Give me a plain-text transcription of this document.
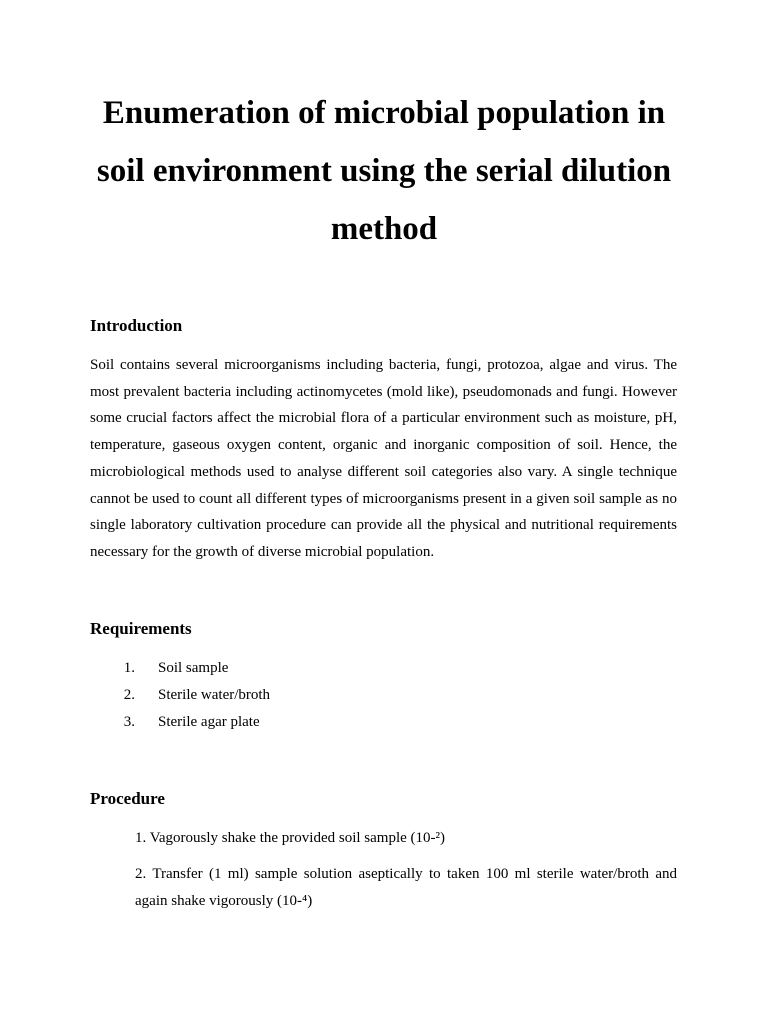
Enumeration of microbial population in soil environment using the serial dilution method
Introduction

Soil contains several microorganisms including bacteria, fungi, protozoa, algae and virus. The most prevalent bacteria including actinomycetes (mold like), pseudomonads and fungi. However some crucial factors affect the microbial flora of a particular environment such as moisture, pH, temperature, gaseous oxygen content, organic and inorganic composition of soil. Hence, the microbiological methods used to analyse different soil categories also vary. A single technique cannot be used to count all different types of microorganisms present in a given soil sample as no single laboratory cultivation procedure can provide all the physical and nutritional requirements necessary for the growth of diverse microbial population.

Requirements
1. Soil sample
2. Sterile water/broth
3. Sterile agar plate
Procedure

1. Vagorously shake the provided soil sample (10-²)

2. Transfer (1 ml) sample solution aseptically to taken 100 ml sterile water/broth and again shake vigorously (10-⁴)
